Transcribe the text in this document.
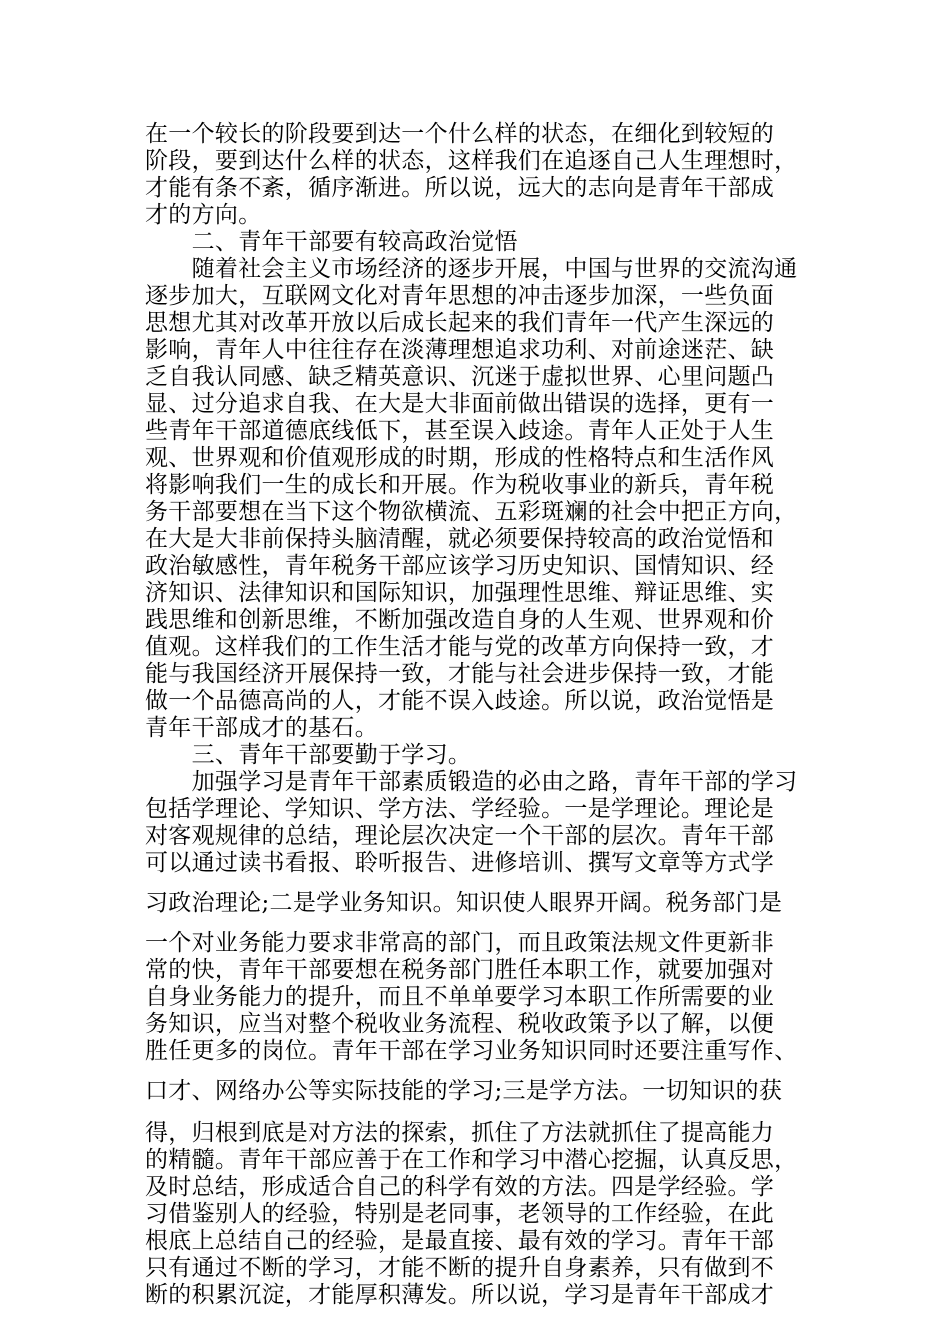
在一个较长的阶段要到达一个什么样的状态，在细化到较短的
阶段，要到达什么样的状态，这样我们在追逐自己人生理想时，
才能有条不紊，循序渐进。所以说，远大的志向是青年干部成
才的方向。
　　二、青年干部要有较高政治觉悟
　　随着社会主义市场经济的逐步开展，中国与世界的交流沟通
逐步加大，互联网文化对青年思想的冲击逐步加深，一些负面
思想尤其对改革开放以后成长起来的我们青年一代产生深远的
影响，青年人中往往存在淡薄理想追求功利、对前途迷茫、缺
乏自我认同感、缺乏精英意识、沉迷于虚拟世界、心里问题凸
显、过分追求自我、在大是大非面前做出错误的选择，更有一
些青年干部道德底线低下，甚至误入歧途。青年人正处于人生
观、世界观和价值观形成的时期，形成的性格特点和生活作风
将影响我们一生的成长和开展。作为税收事业的新兵，青年税
务干部要想在当下这个物欲横流、五彩斑斓的社会中把正方向，
在大是大非前保持头脑清醒，就必须要保持较高的政治觉悟和
政治敏感性，青年税务干部应该学习历史知识、国情知识、经
济知识、法律知识和国际知识，加强理性思维、辩证思维、实
践思维和创新思维，不断加强改造自身的人生观、世界观和价
值观。这样我们的工作生活才能与党的改革方向保持一致，才
能与我国经济开展保持一致，才能与社会进步保持一致，才能
做一个品德高尚的人，才能不误入歧途。所以说，政治觉悟是
青年干部成才的基石。
　　三、青年干部要勤于学习。
　　加强学习是青年干部素质锻造的必由之路，青年干部的学习
包括学理论、学知识、学方法、学经验。一是学理论。理论是
对客观规律的总结，理论层次决定一个干部的层次。青年干部
可以通过读书看报、聆听报告、进修培训、撰写文章等方式学
习政治理论;二是学业务知识。知识使人眼界开阔。税务部门是
一个对业务能力要求非常高的部门，而且政策法规文件更新非
常的快，青年干部要想在税务部门胜任本职工作，就要加强对
自身业务能力的提升，而且不单单要学习本职工作所需要的业
务知识，应当对整个税收业务流程、税收政策予以了解，以便
胜任更多的岗位。青年干部在学习业务知识同时还要注重写作、
口才、网络办公等实际技能的学习;三是学方法。一切知识的获
得，归根到底是对方法的探索，抓住了方法就抓住了提高能力
的精髓。青年干部应善于在工作和学习中潜心挖掘，认真反思，
及时总结，形成适合自己的科学有效的方法。四是学经验。学
习借鉴别人的经验，特别是老同事，老领导的工作经验，在此
根底上总结自己的经验，是最直接、最有效的学习。青年干部
只有通过不断的学习，才能不断的提升自身素养，只有做到不
断的积累沉淀，才能厚积薄发。所以说，学习是青年干部成才
